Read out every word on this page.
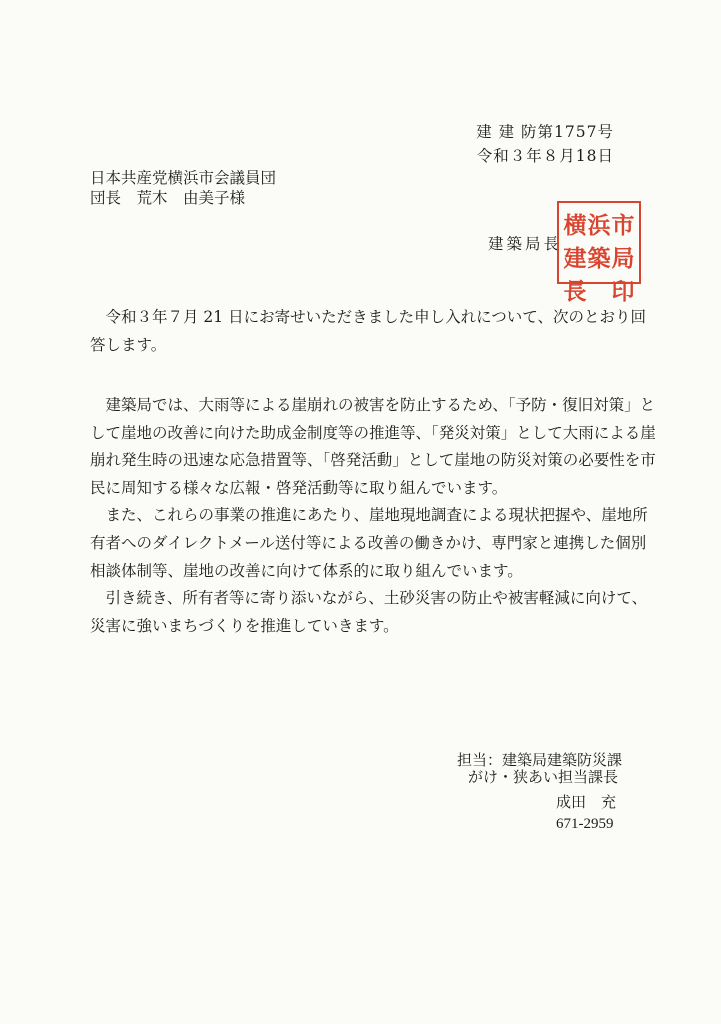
建 建 防第1757号
令和３年８月18日
日本共産党横浜市会議員団
団長　荒木　由美子様
建築局長
横 浜 市
建 築 局
長 印
　令和３年７月 21 日にお寄せいただきました申し入れについて、次のとおり回
答します。
　建築局では、大雨等による崖崩れの被害を防止するため、「予防・復旧対策」と
して崖地の改善に向けた助成金制度等の推進等、「発災対策」として大雨による崖
崩れ発生時の迅速な応急措置等、「啓発活動」として崖地の防災対策の必要性を市
民に周知する様々な広報・啓発活動等に取り組んでいます。
　また、これらの事業の推進にあたり、崖地現地調査による現状把握や、崖地所
有者へのダイレクトメール送付等による改善の働きかけ、専門家と連携した個別
相談体制等、崖地の改善に向けて体系的に取り組んでいます。
　引き続き、所有者等に寄り添いながら、土砂災害の防止や被害軽減に向けて、
災害に強いまちづくりを推進していきます。
担当：建築局建築防災課
がけ・狭あい担当課長
成田　充
671-2959
